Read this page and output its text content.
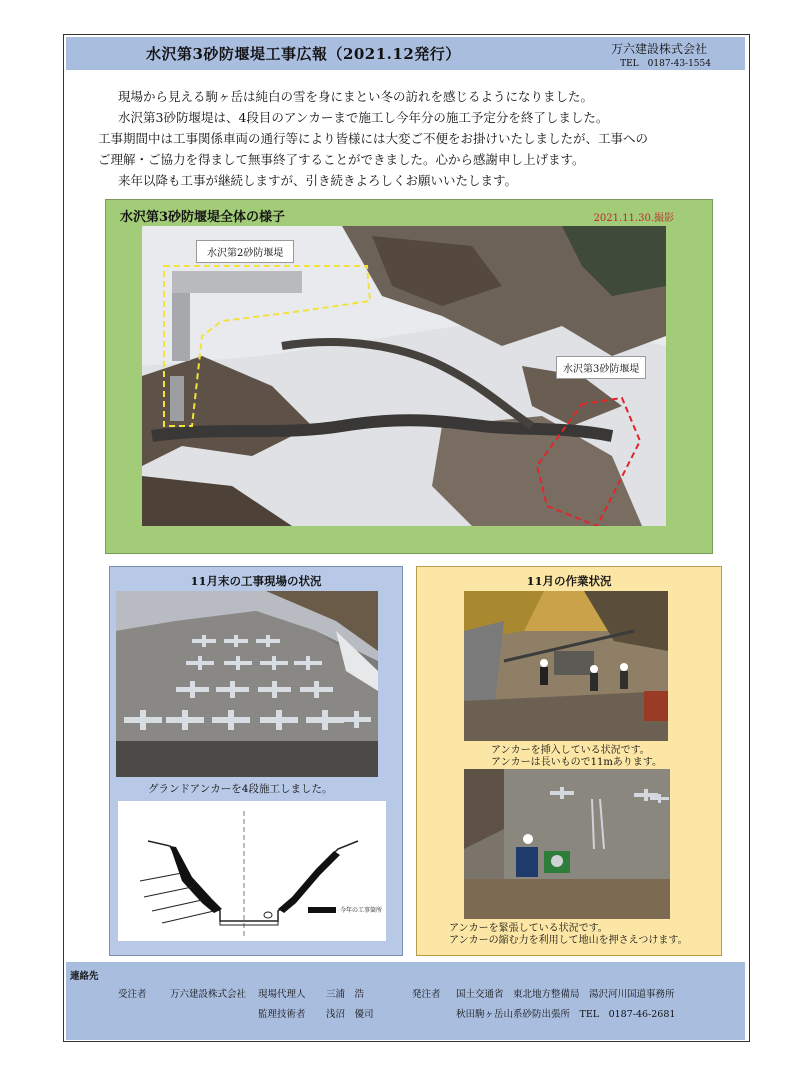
水沢第3砂防堰堤工事広報（2021.12発行）	万六建設株式会社
TEL　0187-43-1554

現場から見える駒ヶ岳は純白の雪を身にまとい冬の訪れを感じるようになりました。

水沢第3砂防堰堤は、4段目のアンカーまで施工し今年分の施工予定分を終了しました。

工事期間中は工事関係車両の通行等により皆様には大変ご不便をお掛けいたしましたが、工事への

ご理解・ご協力を得まして無事終了することができました。心から感謝申し上げます。

来年以降も工事が継続しますが、引き続きよろしくお願いいたします。

水沢第3砂防堰堤全体の様子	2021.11.30.撮影
水沢第2砂防堰堤
水沢第3砂防堰堤
11月末の工事現場の状況
グランドアンカーを4段施工しました。
今年の工事箇所
11月の作業状況
アンカーを挿入している状況です。
アンカーは長いもので11mあります。
アンカーを緊張している状況です。
アンカーの縮む力を利用して地山を押さえつけます。
連絡先
受注者 万六建設株式会社 現場代理人 三浦　浩
監理技術者 浅沼　優司
発注者 国土交通省　東北地方整備局　湯沢河川国道事務所
秋田駒ヶ岳山系砂防出張所　TEL　0187-46-2681
